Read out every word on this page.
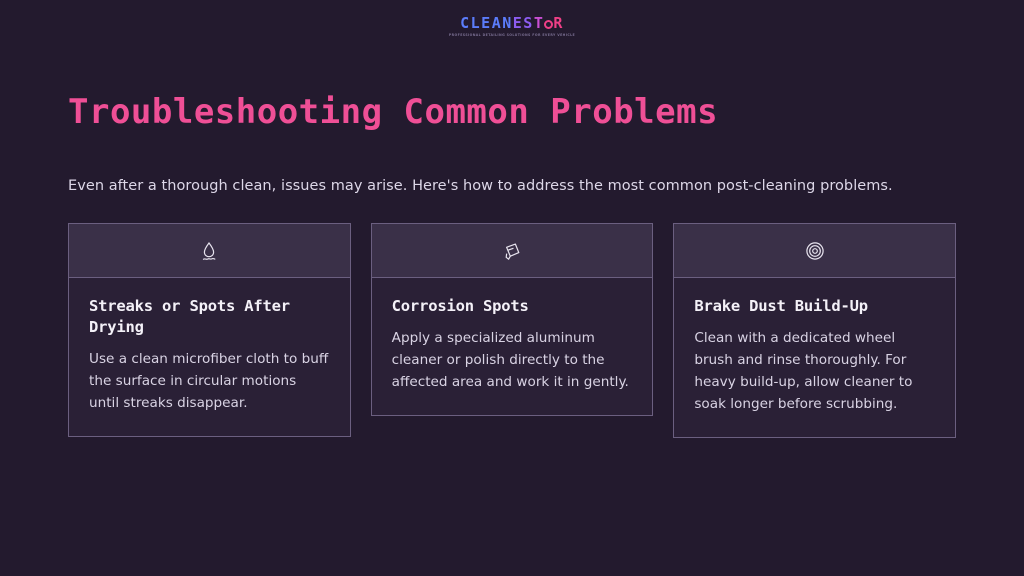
CLEANEST R
PROFESSIONAL DETAILING SOLUTIONS FOR EVERY VEHICLE
Troubleshooting Common Problems

Even after a thorough clean, issues may arise. Here's how to address the most common post-cleaning problems.

Streaks or Spots After Drying
Use a clean microfiber cloth to buff the surface in circular motions until streaks disappear.
Corrosion Spots
Apply a specialized aluminum cleaner or polish directly to the affected area and work it in gently.
Brake Dust Build-Up
Clean with a dedicated wheel brush and rinse thoroughly. For heavy build-up, allow cleaner to soak longer before scrubbing.
